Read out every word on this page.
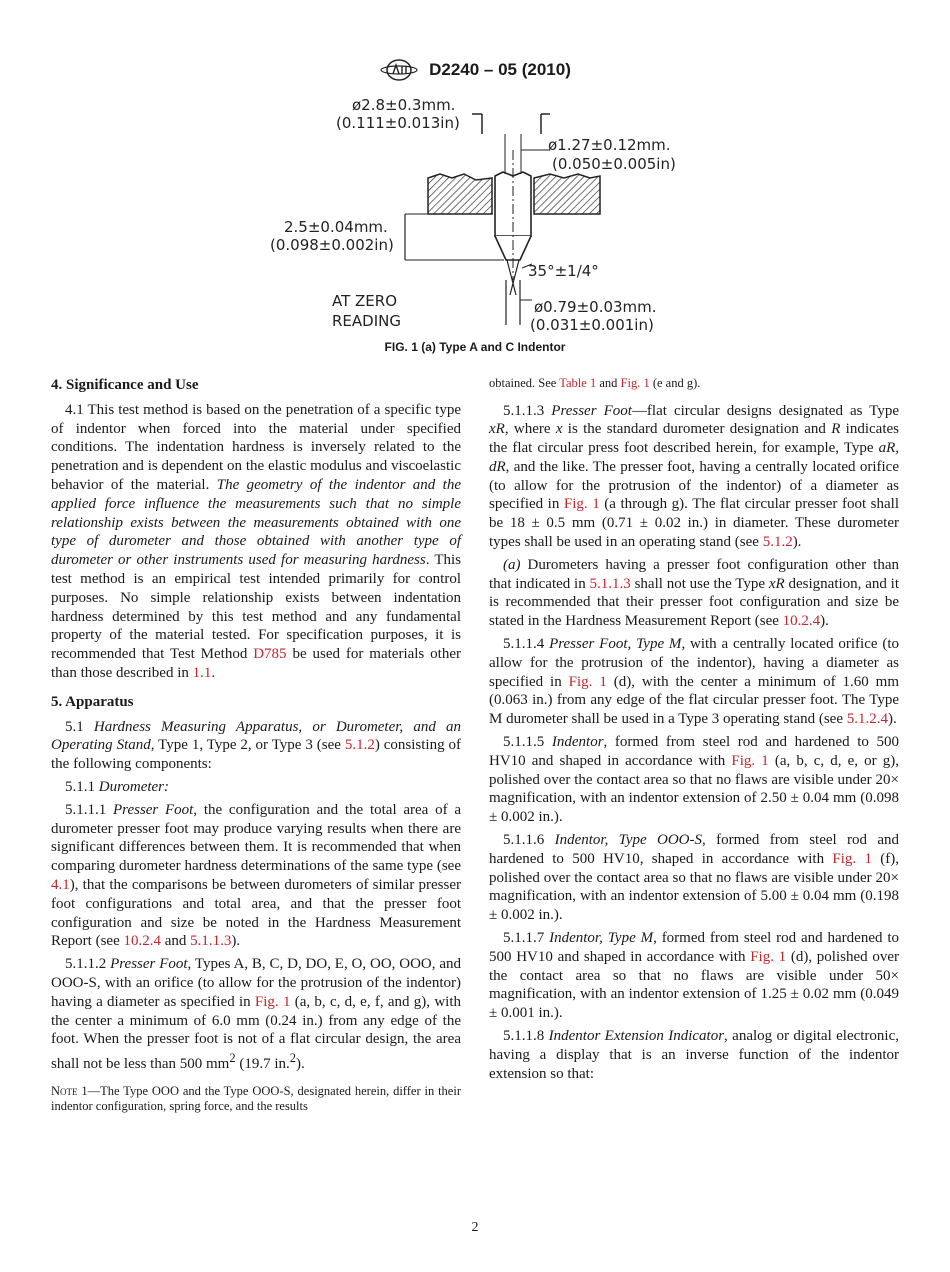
D2240 – 05 (2010)
ø2.8±0.3mm.
(0.111±0.013in)
ø1.27±0.12mm.
(0.050±0.005in)
2.5±0.04mm.
(0.098±0.002in)
35°±1/4°
AT ZERO
READING
ø0.79±0.03mm.
(0.031±0.001in)
FIG. 1 (a) Type A and C Indentor
4. Significance and Use

4.1 This test method is based on the penetration of a specific type of indentor when forced into the material under specified conditions. The indentation hardness is inversely related to the penetration and is dependent on the elastic modulus and viscoelastic behavior of the material. The geometry of the indentor and the applied force influence the measurements such that no simple relationship exists between the measurements obtained with one type of durometer and those obtained with another type of durometer or other instruments used for measuring hardness. This test method is an empirical test intended primarily for control purposes. No simple relationship exists between indentation hardness determined by this test method and any fundamental property of the material tested. For specification purposes, it is recommended that Test Method D785 be used for materials other than those described in 1.1.

5. Apparatus

5.1 Hardness Measuring Apparatus, or Durometer, and an Operating Stand, Type 1, Type 2, or Type 3 (see 5.1.2) consisting of the following components:

5.1.1 Durometer:

5.1.1.1 Presser Foot, the configuration and the total area of a durometer presser foot may produce varying results when there are significant differences between them. It is recommended that when comparing durometer hardness determinations of the same type (see 4.1), that the comparisons be between durometers of similar presser foot configurations and total area, and that the presser foot configuration and size be noted in the Hardness Measurement Report (see 10.2.4 and 5.1.1.3).

5.1.1.2 Presser Foot, Types A, B, C, D, DO, E, O, OO, OOO, and OOO-S, with an orifice (to allow for the protrusion of the indentor) having a diameter as specified in Fig. 1 (a, b, c, d, e, f, and g), with the center a minimum of 6.0 mm (0.24 in.) from any edge of the foot. When the presser foot is not of a flat circular design, the area shall not be less than 500 $mm^2$ (19.7 in.$^2$).

Note 1—The Type OOO and the Type OOO-S, designated herein, differ in their indentor configuration, spring force, and the results

obtained. See Table 1 and Fig. 1 (e and g).

5.1.1.3 Presser Foot—flat circular designs designated as Type xR, where x is the standard durometer designation and R indicates the flat circular press foot described herein, for example, Type aR, dR, and the like. The presser foot, having a centrally located orifice (to allow for the protrusion of the indentor) of a diameter as specified in Fig. 1 (a through g). The flat circular presser foot shall be 18 ± 0.5 mm (0.71 ± 0.02 in.) in diameter. These durometer types shall be used in an operating stand (see 5.1.2).

(a) Durometers having a presser foot configuration other than that indicated in 5.1.1.3 shall not use the Type xR designation, and it is recommended that their presser foot configuration and size be stated in the Hardness Measurement Report (see 10.2.4).

5.1.1.4 Presser Foot, Type M, with a centrally located orifice (to allow for the protrusion of the indentor), having a diameter as specified in Fig. 1 (d), with the center a minimum of 1.60 mm (0.063 in.) from any edge of the flat circular presser foot. The Type M durometer shall be used in a Type 3 operating stand (see 5.1.2.4).

5.1.1.5 Indentor, formed from steel rod and hardened to 500 HV10 and shaped in accordance with Fig. 1 (a, b, c, d, e, or g), polished over the contact area so that no flaws are visible under 20× magnification, with an indentor extension of 2.50 ± 0.04 mm (0.098 ± 0.002 in.).

5.1.1.6 Indentor, Type OOO-S, formed from steel rod and hardened to 500 HV10, shaped in accordance with Fig. 1 (f), polished over the contact area so that no flaws are visible under 20× magnification, with an indentor extension of 5.00 ± 0.04 mm (0.198 ± 0.002 in.).

5.1.1.7 Indentor, Type M, formed from steel rod and hardened to 500 HV10 and shaped in accordance with Fig. 1 (d), polished over the contact area so that no flaws are visible under 50× magnification, with an indentor extension of 1.25 ± 0.02 mm (0.049 ± 0.001 in.).

5.1.1.8 Indentor Extension Indicator, analog or digital electronic, having a display that is an inverse function of the indentor extension so that:

2
